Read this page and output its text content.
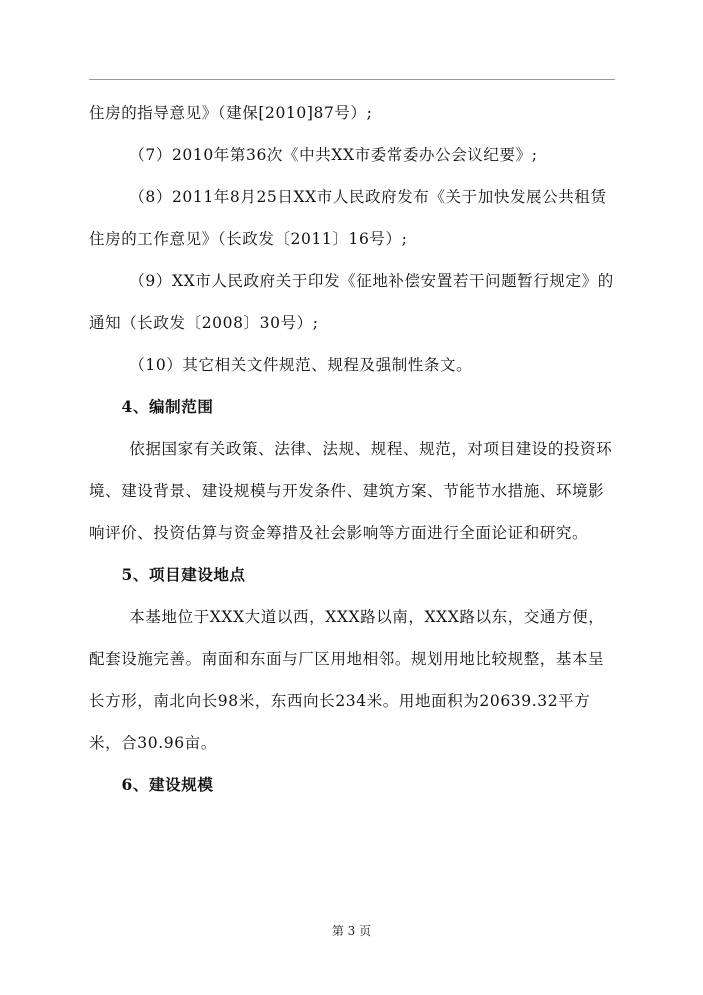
住房的指导意见》（建保[2010]87号）;

（7）2010年第36次《中共XX市委常委办公会议纪要》;

（8）2011年8月25日XX市人民政府发布《关于加快发展公共租赁住房的工作意见》（长政发〔2011〕16号）;

（9）XX市人民政府关于印发《征地补偿安置若干问题暂行规定》的通知（长政发〔2008〕30号）;

（10）其它相关文件规范、规程及强制性条文。

4、编制范围

依据国家有关政策、法律、法规、规程、规范，对项目建设的投资环境、建设背景、建设规模与开发条件、建筑方案、节能节水措施、环境影响评价、投资估算与资金筹措及社会影响等方面进行全面论证和研究。

5、项目建设地点

本基地位于XXX大道以西，XXX路以南，XXX路以东，交通方便，配套设施完善。南面和东面与厂区用地相邻。规划用地比较规整，基本呈长方形，南北向长98米，东西向长234米。用地面积为20639.32平方米，合30.96亩。

6、建设规模

第 3 页
